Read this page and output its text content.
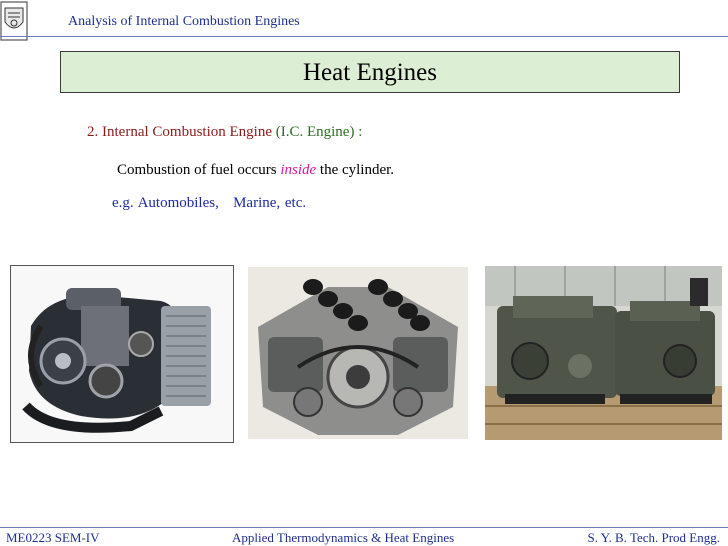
Analysis of Internal Combustion Engines
Heat Engines
2. Internal Combustion Engine (I.C. Engine) :
Combustion of fuel occurs inside the cylinder.
e.g. Automobiles,   Marine, etc.
ME0223 SEM-IV	Applied Thermodynamics & Heat Engines	S. Y. B. Tech. Prod Engg.
